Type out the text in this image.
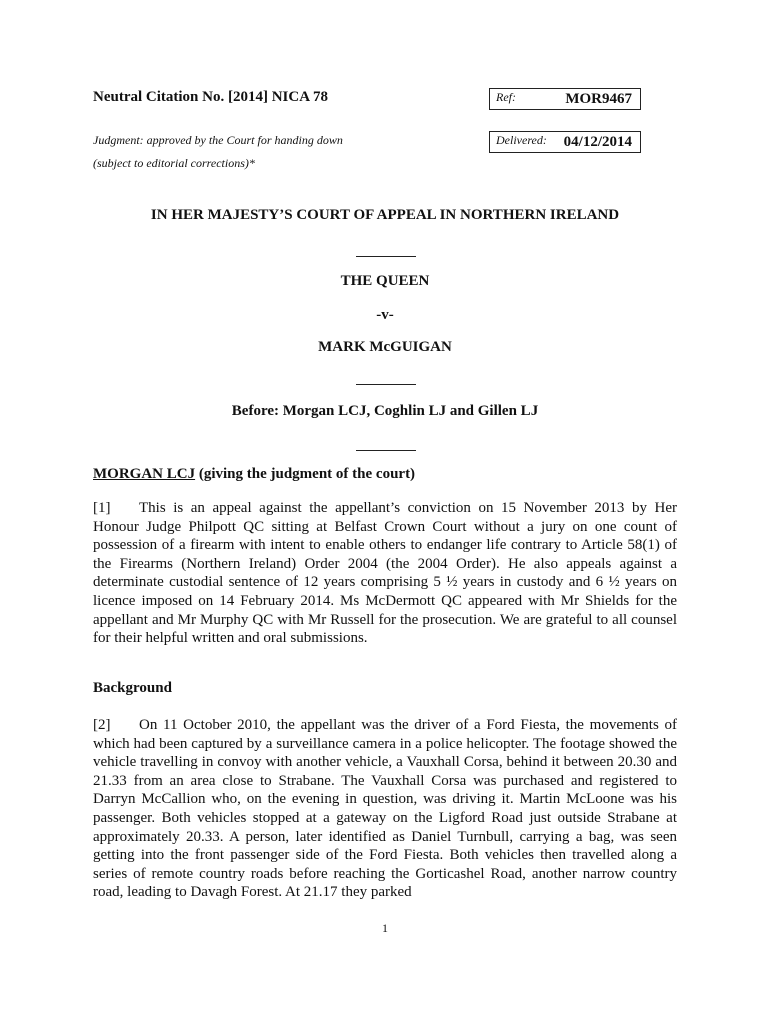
Neutral Citation No. [2014] NICA 78
Judgment: approved by the Court for handing down
(subject to editorial corrections)*
Ref:	MOR9467
Delivered: 04/12/2014
IN HER MAJESTY’S COURT OF APPEAL IN NORTHERN IRELAND
THE QUEEN
-v-
MARK McGUIGAN
Before: Morgan LCJ, Coghlin LJ and Gillen LJ
MORGAN LCJ (giving the judgment of the court)
[1] This is an appeal against the appellant’s conviction on 15 November 2013 by Her Honour Judge Philpott QC sitting at Belfast Crown Court without a jury on one count of possession of a firearm with intent to enable others to endanger life contrary to Article 58(1) of the Firearms (Northern Ireland) Order 2004 (the 2004 Order). He also appeals against a determinate custodial sentence of 12 years comprising 5 ½ years in custody and 6 ½ years on licence imposed on 14 February 2014. Ms McDermott QC appeared with Mr Shields for the appellant and Mr Murphy QC with Mr Russell for the prosecution. We are grateful to all counsel for their helpful written and oral submissions.
Background
[2] On 11 October 2010, the appellant was the driver of a Ford Fiesta, the movements of which had been captured by a surveillance camera in a police helicopter. The footage showed the vehicle travelling in convoy with another vehicle, a Vauxhall Corsa, behind it between 20.30 and 21.33 from an area close to Strabane. The Vauxhall Corsa was purchased and registered to Darryn McCallion who, on the evening in question, was driving it. Martin McLoone was his passenger. Both vehicles stopped at a gateway on the Ligford Road just outside Strabane at approximately 20.33. A person, later identified as Daniel Turnbull, carrying a bag, was seen getting into the front passenger side of the Ford Fiesta. Both vehicles then travelled along a series of remote country roads before reaching the Gorticashel Road, another narrow country road, leading to Davagh Forest. At 21.17 they parked
1
